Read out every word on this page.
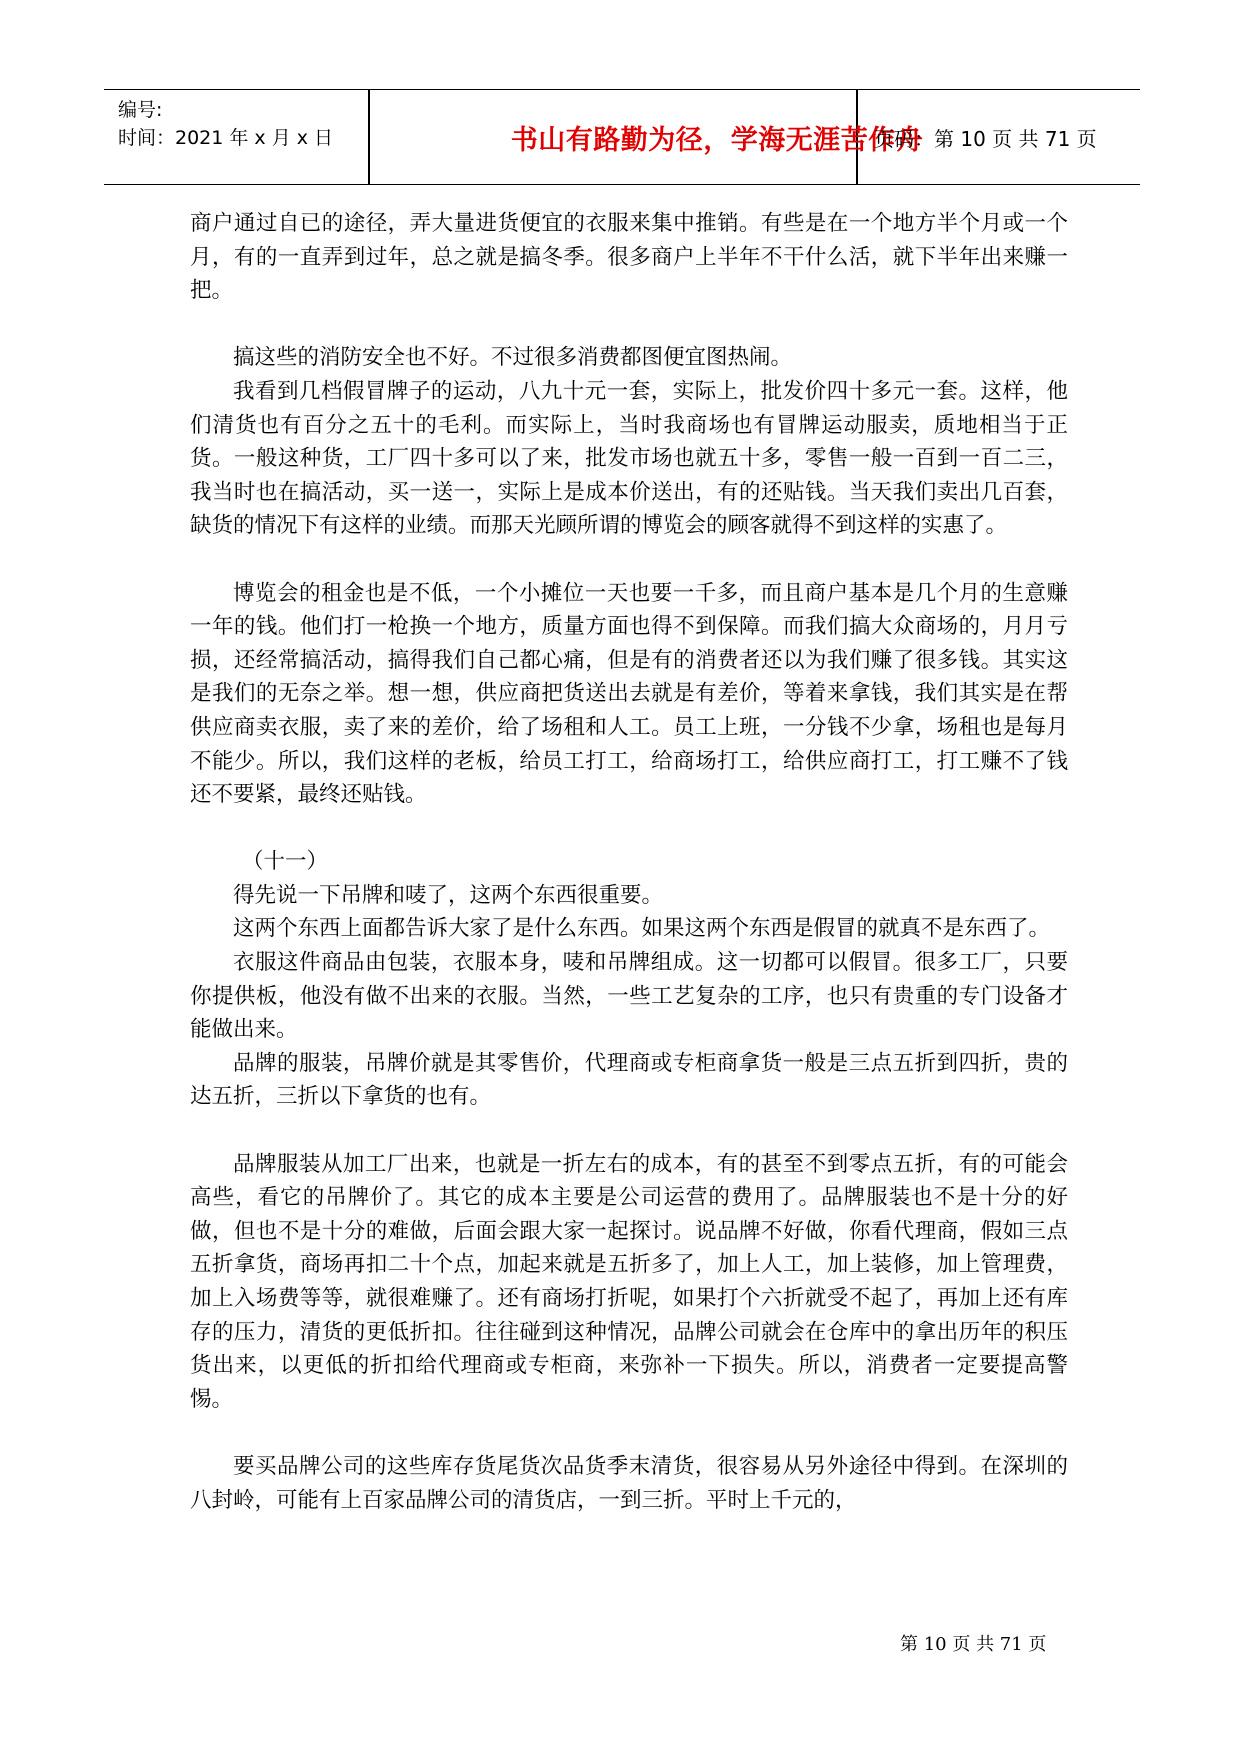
编号:
时间：2021 年 x 月 x 日	书山有路勤为径，学海无涯苦作舟
页码：第 10 页 共 71 页

商户通过自已的途径，弄大量进货便宜的衣服来集中推销。有些是在一个地方半个月或一个月，有的一直弄到过年，总之就是搞冬季。很多商户上半年不干什么活，就下半年出来赚一把。

搞这些的消防安全也不好。不过很多消费都图便宜图热闹。

我看到几档假冒牌子的运动，八九十元一套，实际上，批发价四十多元一套。这样，他们清货也有百分之五十的毛利。而实际上，当时我商场也有冒牌运动服卖，质地相当于正货。一般这种货，工厂四十多可以了来，批发市场也就五十多，零售一般一百到一百二三，我当时也在搞活动，买一送一，实际上是成本价送出，有的还贴钱。当天我们卖出几百套，缺货的情况下有这样的业绩。而那天光顾所谓的博览会的顾客就得不到这样的实惠了。

博览会的租金也是不低，一个小摊位一天也要一千多，而且商户基本是几个月的生意赚一年的钱。他们打一枪换一个地方，质量方面也得不到保障。而我们搞大众商场的，月月亏损，还经常搞活动，搞得我们自己都心痛，但是有的消费者还以为我们赚了很多钱。其实这是我们的无奈之举。想一想，供应商把货送出去就是有差价，等着来拿钱，我们其实是在帮供应商卖衣服，卖了来的差价，给了场租和人工。员工上班，一分钱不少拿，场租也是每月不能少。所以，我们这样的老板，给员工打工，给商场打工，给供应商打工，打工赚不了钱还不要紧，最终还贴钱。

（十一）

得先说一下吊牌和唛了，这两个东西很重要。

这两个东西上面都告诉大家了是什么东西。如果这两个东西是假冒的就真不是东西了。

衣服这件商品由包装，衣服本身，唛和吊牌组成。这一切都可以假冒。很多工厂，只要你提供板，他没有做不出来的衣服。当然，一些工艺复杂的工序，也只有贵重的专门设备才能做出来。

品牌的服装，吊牌价就是其零售价，代理商或专柜商拿货一般是三点五折到四折，贵的达五折，三折以下拿货的也有。

品牌服装从加工厂出来，也就是一折左右的成本，有的甚至不到零点五折，有的可能会高些，看它的吊牌价了。其它的成本主要是公司运营的费用了。品牌服装也不是十分的好做，但也不是十分的难做，后面会跟大家一起探讨。说品牌不好做，你看代理商，假如三点五折拿货，商场再扣二十个点，加起来就是五折多了，加上人工，加上装修，加上管理费，加上入场费等等，就很难赚了。还有商场打折呢，如果打个六折就受不起了，再加上还有库存的压力，清货的更低折扣。往往碰到这种情况，品牌公司就会在仓库中的拿出历年的积压货出来，以更低的折扣给代理商或专柜商，来弥补一下损失。所以，消费者一定要提高警惕。

要买品牌公司的这些库存货尾货次品货季末清货，很容易从另外途径中得到。在深圳的八封岭，可能有上百家品牌公司的清货店，一到三折。平时上千元的，

第 10 页 共 71 页
